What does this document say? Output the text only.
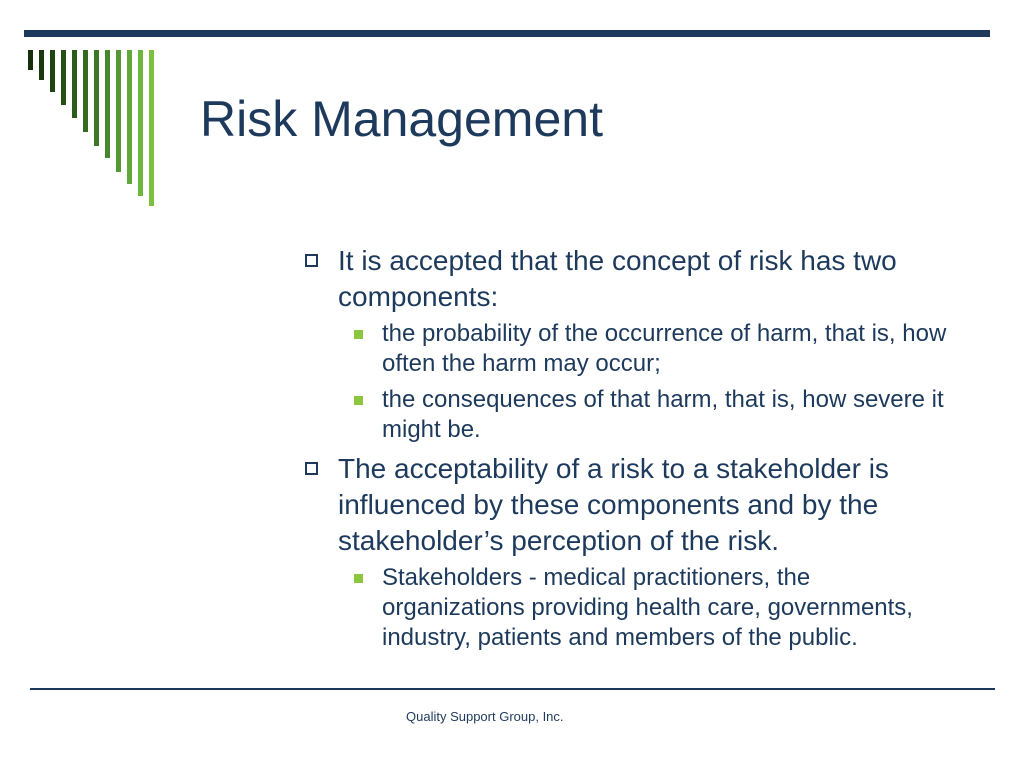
Risk Management
It is accepted that the concept of risk has two components:
the probability of the occurrence of harm, that is, how often the harm may occur;
the consequences of that harm, that is, how severe it might be.
The acceptability of a risk to a stakeholder is influenced by these components and by the stakeholder’s perception of the risk.
Stakeholders - medical practitioners, the organizations providing health care, governments, industry, patients and members of the public.
Quality Support Group, Inc.
